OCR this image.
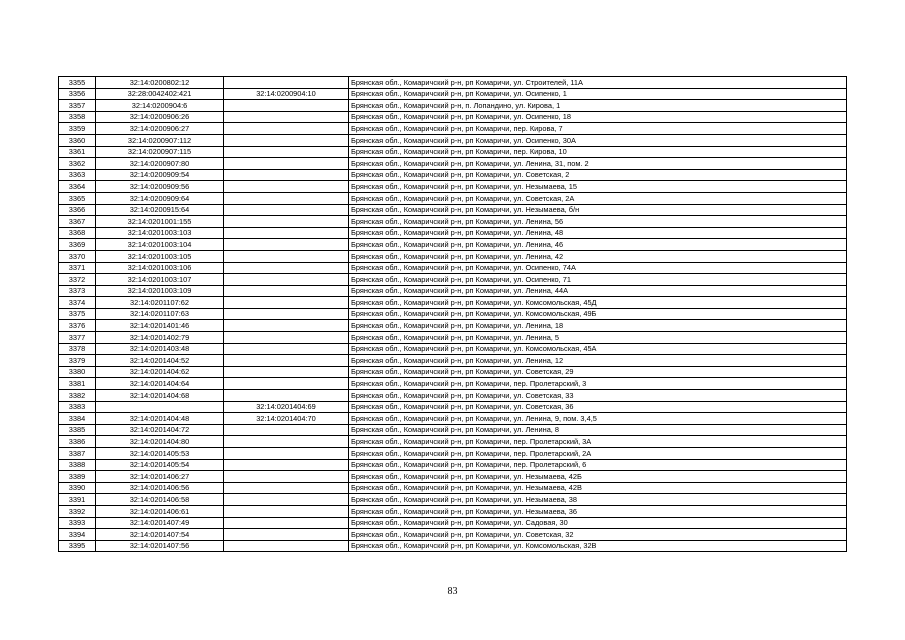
3355	32:14:0200802:12		Брянская обл., Комаричский р-н, рп Комаричи, ул. Строителей, 11А
3356	32:28:0042402:421	32:14:0200904:10	Брянская обл., Комаричский р-н, рп Комаричи, ул. Осипенко, 1
3357	32:14:0200904:6		Брянская обл., Комаричский р-н, п. Лопандино, ул. Кирова, 1
3358	32:14:0200906:26		Брянская обл., Комаричский р-н, рп Комаричи, ул. Осипенко, 18
3359	32:14:0200906:27		Брянская обл., Комаричский р-н, рп Комаричи, пер. Кирова, 7
3360	32:14:0200907:112		Брянская обл., Комаричский р-н, рп Комаричи, ул. Осипенко, 30А
3361	32:14:0200907:115		Брянская обл., Комаричский р-н, рп Комаричи, пер. Кирова, 10
3362	32:14:0200907:80		Брянская обл., Комаричский р-н, рп Комаричи, ул. Ленина, 31, пом. 2
3363	32:14:0200909:54		Брянская обл., Комаричский р-н, рп Комаричи, ул. Советская, 2
3364	32:14:0200909:56		Брянская обл., Комаричский р-н, рп Комаричи, ул. Незымаева, 15
3365	32:14:0200909:64		Брянская обл., Комаричский р-н, рп Комаричи, ул. Советская, 2А
3366	32:14:0200915:64		Брянская обл., Комаричский р-н, рп Комаричи, ул. Незымаева, б/н
3367	32:14:0201001:155		Брянская обл., Комаричский р-н, рп Комаричи, ул. Ленина, 56
3368	32:14:0201003:103		Брянская обл., Комаричский р-н, рп Комаричи, ул. Ленина, 48
3369	32:14:0201003:104		Брянская обл., Комаричский р-н, рп Комаричи, ул. Ленина, 46
3370	32:14:0201003:105		Брянская обл., Комаричский р-н, рп Комаричи, ул. Ленина, 42
3371	32:14:0201003:106		Брянская обл., Комаричский р-н, рп Комаричи, ул. Осипенко, 74А
3372	32:14:0201003:107		Брянская обл., Комаричский р-н, рп Комаричи, ул. Осипенко, 71
3373	32:14:0201003:109		Брянская обл., Комаричский р-н, рп Комаричи, ул. Ленина, 44А
3374	32:14:0201107:62		Брянская обл., Комаричский р-н, рп Комаричи, ул. Комсомольская, 45Д
3375	32:14:0201107:63		Брянская обл., Комаричский р-н, рп Комаричи, ул. Комсомольская, 49Б
3376	32:14:0201401:46		Брянская обл., Комаричский р-н, рп Комаричи, ул. Ленина, 18
3377	32:14:0201402:79		Брянская обл., Комаричский р-н, рп Комаричи, ул. Ленина, 5
3378	32:14:0201403:48		Брянская обл., Комаричский р-н, рп Комаричи, ул. Комсомольская, 45А
3379	32:14:0201404:52		Брянская обл., Комаричский р-н, рп Комаричи, ул. Ленина, 12
3380	32:14:0201404:62		Брянская обл., Комаричский р-н, рп Комаричи, ул. Советская, 29
3381	32:14:0201404:64		Брянская обл., Комаричский р-н, рп Комаричи, пер. Пролетарский, 3
3382	32:14:0201404:68		Брянская обл., Комаричский р-н, рп Комаричи, ул. Советская, 33
3383		32:14:0201404:69	Брянская обл., Комаричский р-н, рп Комаричи, ул. Советская, 36
3384	32:14:0201404:48	32:14:0201404:70	Брянская обл., Комаричский р-н, рп Комаричи, ул. Ленина, 9, пом. 3,4,5
3385	32:14:0201404:72		Брянская обл., Комаричский р-н, рп Комаричи, ул. Ленина, 8
3386	32:14:0201404:80		Брянская обл., Комаричский р-н, рп Комаричи, пер. Пролетарский, 3А
3387	32:14:0201405:53		Брянская обл., Комаричский р-н, рп Комаричи, пер. Пролетарский, 2А
3388	32:14:0201405:54		Брянская обл., Комаричский р-н, рп Комаричи, пер. Пролетарский, 6
3389	32:14:0201406:27		Брянская обл., Комаричский р-н, рп Комаричи, ул. Незымаева, 42Б
3390	32:14:0201406:56		Брянская обл., Комаричский р-н, рп Комаричи, ул. Незымаева, 42В
3391	32:14:0201406:58		Брянская обл., Комаричский р-н, рп Комаричи, ул. Незымаева, 38
3392	32:14:0201406:61		Брянская обл., Комаричский р-н, рп Комаричи, ул. Незымаева, 36
3393	32:14:0201407:49		Брянская обл., Комаричский р-н, рп Комаричи, ул. Садовая, 30
3394	32:14:0201407:54		Брянская обл., Комаричский р-н, рп Комаричи, ул. Советская, 32
3395	32:14:0201407:56		Брянская обл., Комаричский р-н, рп Комаричи, ул. Комсомольская, 32В
83
